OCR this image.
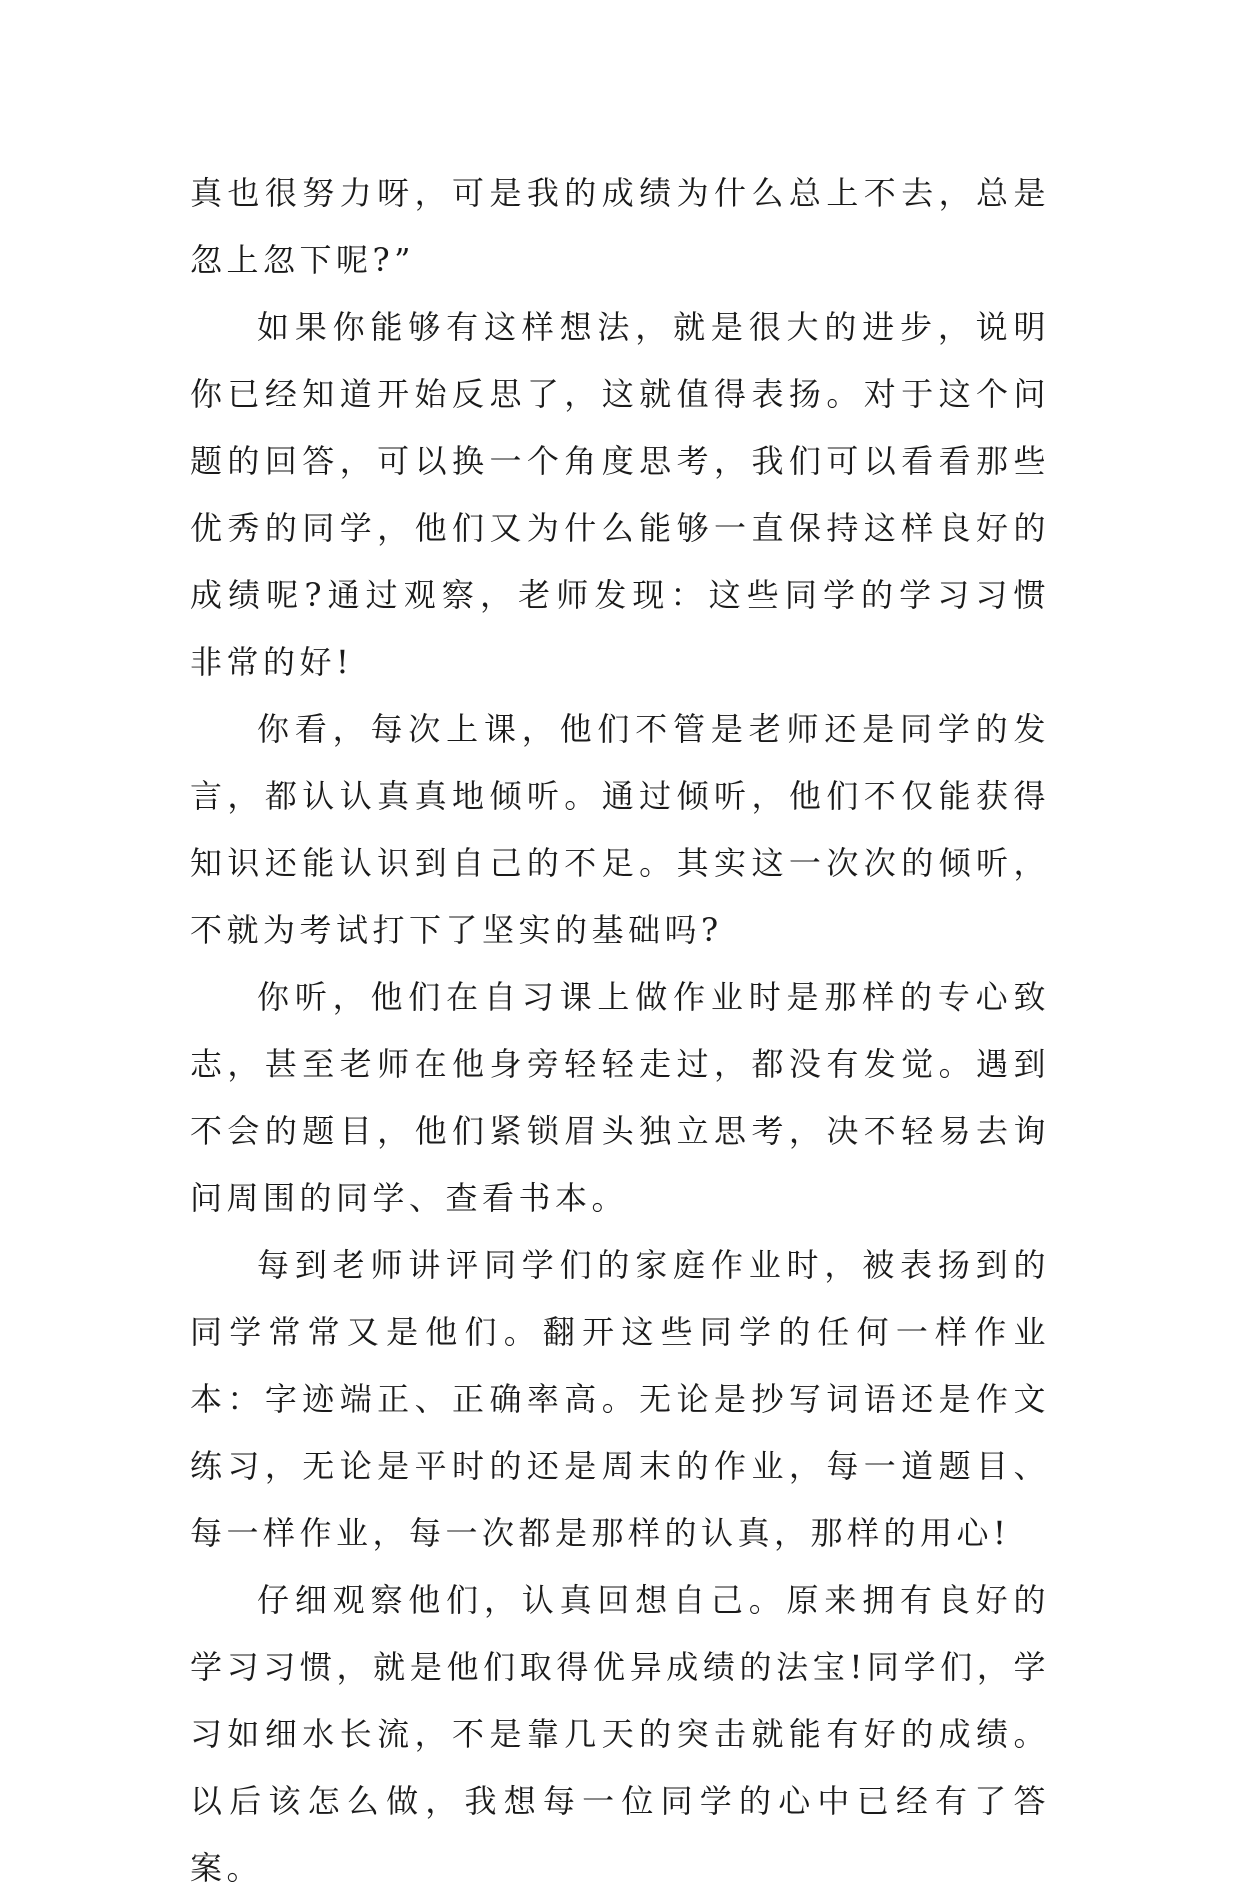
真也很努力呀，可是我的成绩为什么总上不去，总是忽上忽下呢?”

如果你能够有这样想法，就是很大的进步，说明你已经知道开始反思了，这就值得表扬。对于这个问题的回答，可以换一个角度思考，我们可以看看那些优秀的同学，他们又为什么能够一直保持这样良好的成绩呢?通过观察，老师发现：这些同学的学习习惯非常的好!

你看，每次上课，他们不管是老师还是同学的发言，都认认真真地倾听。通过倾听，他们不仅能获得知识还能认识到自己的不足。其实这一次次的倾听，不就为考试打下了坚实的基础吗?

你听，他们在自习课上做作业时是那样的专心致志，甚至老师在他身旁轻轻走过，都没有发觉。遇到不会的题目，他们紧锁眉头独立思考，决不轻易去询问周围的同学、查看书本。

每到老师讲评同学们的家庭作业时，被表扬到的同学常常又是他们。翻开这些同学的任何一样作业本：字迹端正、正确率高。无论是抄写词语还是作文练习，无论是平时的还是周末的作业，每一道题目、每一样作业，每一次都是那样的认真，那样的用心!

仔细观察他们，认真回想自己。原来拥有良好的学习习惯，就是他们取得优异成绩的法宝!同学们，学习如细水长流，不是靠几天的突击就能有好的成绩。以后该怎么做，我想每一位同学的心中已经有了答案。
